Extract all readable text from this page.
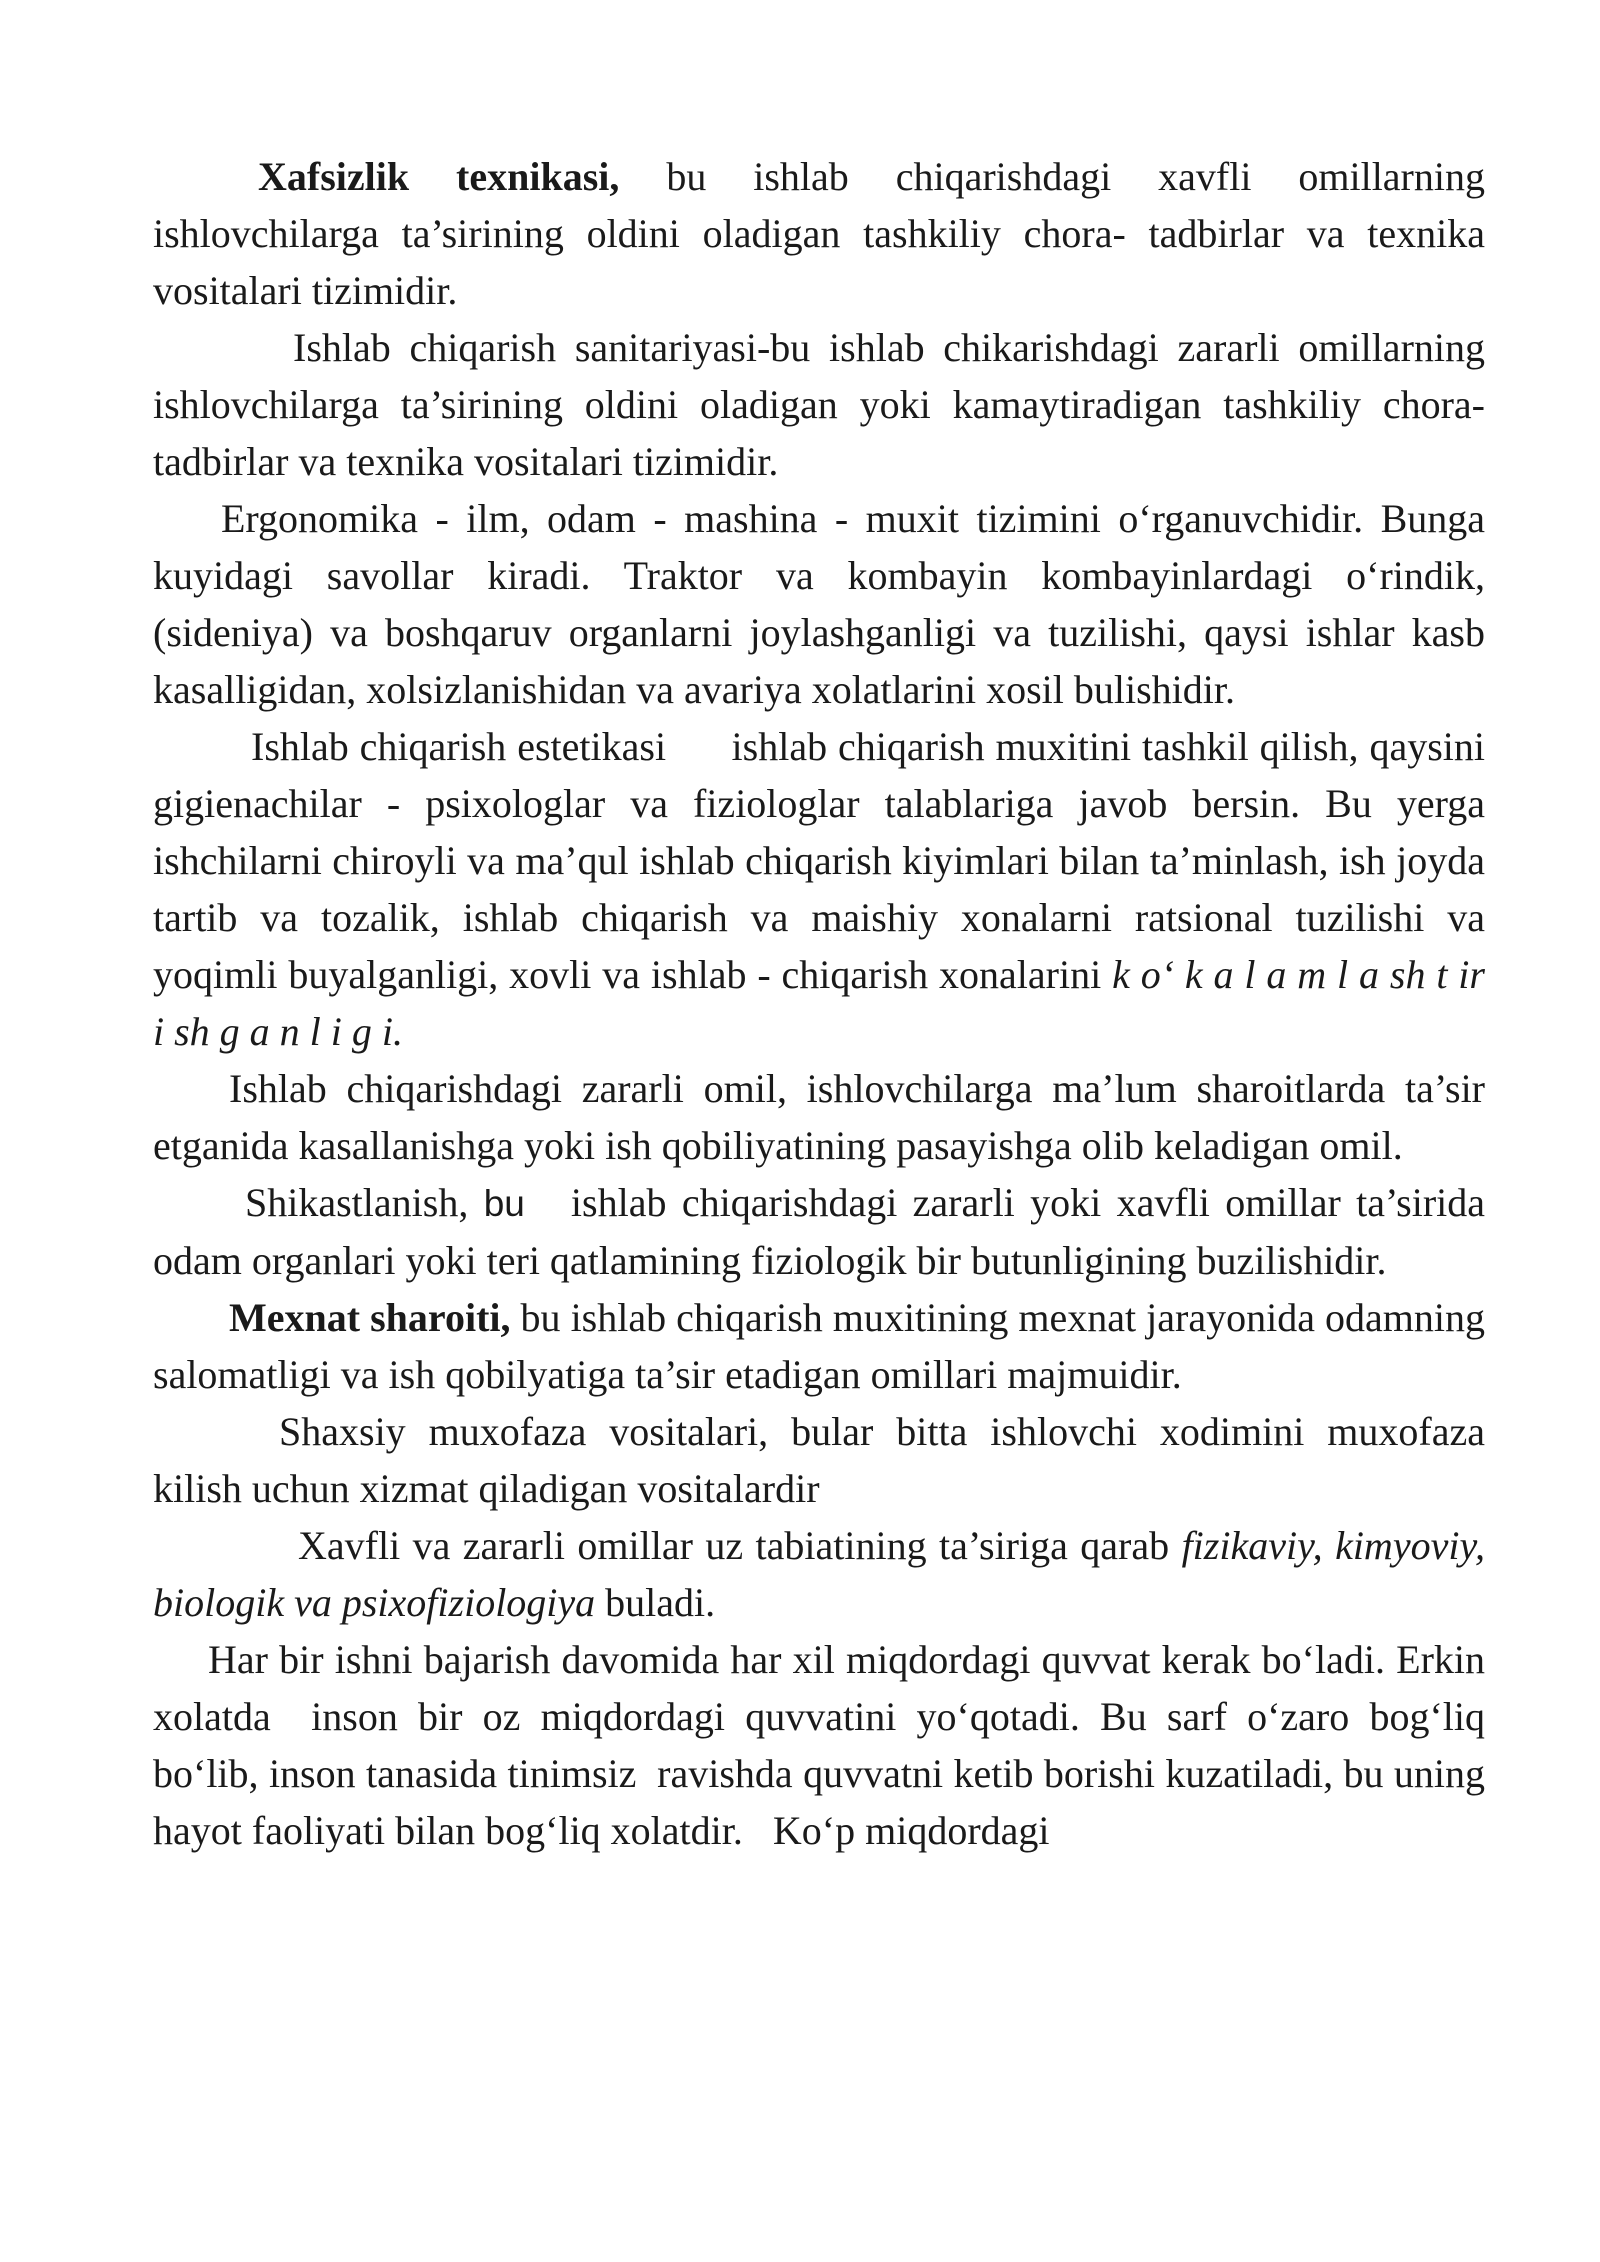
Xafsizlik texnikasi, bu ishlab chiqarishdagi xavfli omillarning ishlovchilarga ta’sirining oldini oladigan tashkiliy chora- tadbirlar va texnika vositalari tizimidir.

Ishlab chiqarish sanitariyasi-bu ishlab chikarishdagi zararli omillarning ishlovchilarga ta’sirining oldini oladigan yoki kamaytiradigan tashkiliy chora-tadbirlar va texnika vositalari tizimidir.

Ergonomika - ilm, odam - mashina - muxit tizimini o‘rganuvchidir. Bunga kuyidagi savollar kiradi. Traktor va kombayin kombayinlardagi o‘rindik, (sideniya) va boshqaruv organlarni joylashganligi va tuzilishi, qaysi ishlar kasb kasalligidan, xolsizlanishidan va avariya xolatlarini xosil bulishidir.

Ishlab chiqarish estetikasi      ishlab chiqarish muxitini tashkil qilish, qaysini gigienachilar - psixologlar va fiziologlar talablariga javob bersin. Bu yerga ishchilarni chiroyli va ma’qul ishlab chiqarish kiyimlari bilan ta’minlash, ish joyda tartib va tozalik, ishlab chiqarish va maishiy xonalarni ratsional tuzilishi va yoqimli buyalganligi, xovli va ishlab - chiqarish xonalarini k o‘ k a l a m l a sh t ir i sh g a n l i g i.

Ishlab chiqarishdagi zararli omil, ishlovchilarga ma’lum sharoitlarda ta’sir etganida kasallanishga yoki ish qobiliyatining pasayishga olib keladigan omil.

Shikastlanish, bu   ishlab chiqarishdagi zararli yoki xavfli omillar ta’sirida odam organlari yoki teri qatlamining fiziologik bir butunligining buzilishidir.

Mexnat sharoiti, bu ishlab chiqarish muxitining mexnat jarayonida odamning salomatligi va ish qobilyatiga ta’sir etadigan omillari majmuidir.

Shaxsiy muxofaza vositalari, bular bitta ishlovchi xodimini muxofaza kilish uchun xizmat qiladigan vositalardir

Xavfli va zararli omillar uz tabiatining ta’siriga qarab fizikaviy, kimyoviy, biologik va psixofiziologiya buladi.

Har bir ishni bajarish davomida har xil miqdordagi quvvat kerak bo‘ladi. Erkin xolatda  inson bir oz miqdordagi quvvatini yo‘qotadi. Bu sarf o‘zaro bog‘liq bo‘lib, inson tanasida tinimsiz  ravishda quvvatni ketib borishi kuzatiladi, bu uning hayot faoliyati bilan bog‘liq xolatdir.   Ko‘p miqdordagi
